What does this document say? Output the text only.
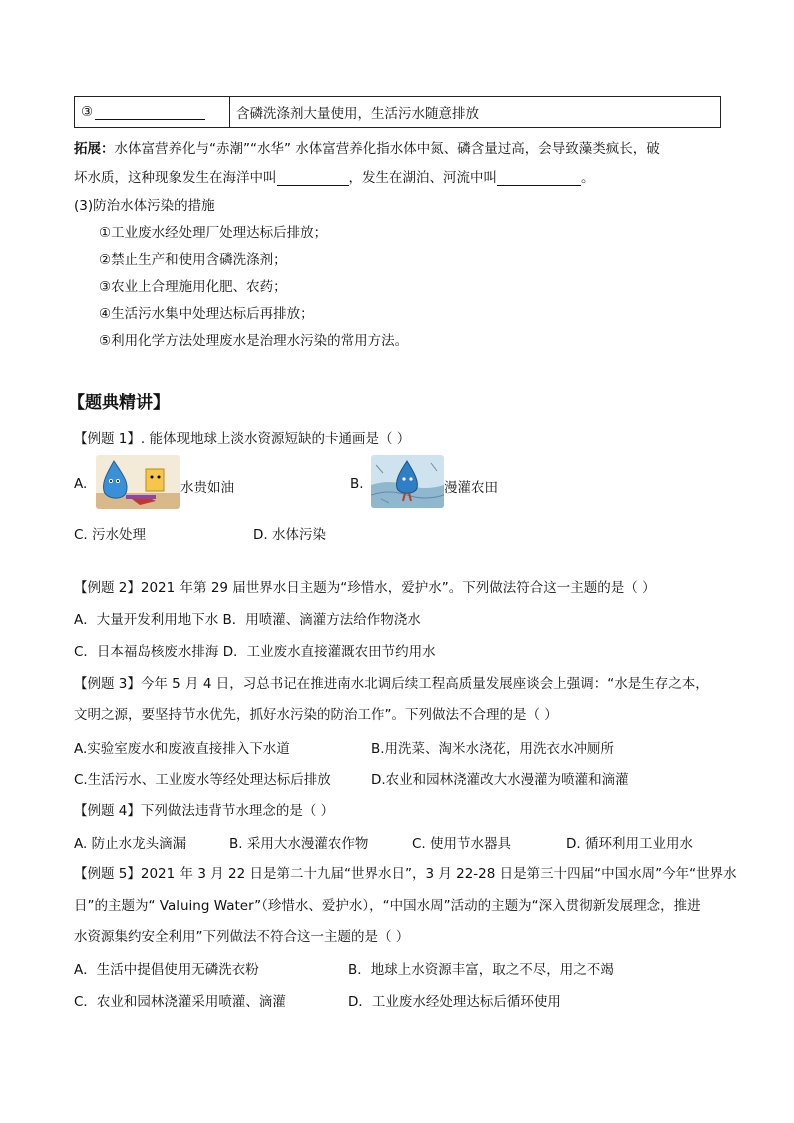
③	含磷洗涤剂大量使用，生活污水随意排放
拓展：水体富营养化与“赤潮”“水华” 水体富营养化指水体中氮、磷含量过高，会导致藻类疯长，破
坏水质，这种现象发生在海洋中叫	，发生在湖泊、河流中叫	。
(3)防治水体污染的措施
①工业废水经处理厂处理达标后排放；
②禁止生产和使用含磷洗涤剂；
③农业上合理施用化肥、农药；
④生活污水集中处理达标后再排放；
⑤利用化学方法处理废水是治理水污染的常用方法。
【题典精讲】
【例题 1】. 能体现地球上淡水资源短缺的卡通画是（ ）
A.	水贵如油	B.	漫灌农田
C. 污水处理	D. 水体污染
【例题 2】2021 年第 29 届世界水日主题为“珍惜水，爱护水”。下列做法符合这一主题的是（ ）
A．大量开发利用地下水 B．用喷灌、滴灌方法给作物浇水
C．日本福岛核废水排海 D．工业废水直接灌溉农田节约用水
【例题 3】今年 5 月 4 日，习总书记在推进南水北调后续工程高质量发展座谈会上强调：“水是生存之本，
文明之源，要坚持节水优先，抓好水污染的防治工作”。下列做法不合理的是（ ）
A.实验室废水和废液直接排入下水道	B.用洗菜、淘米水浇花，用洗衣水冲厕所
C.生活污水、工业废水等经处理达标后排放	D.农业和园林浇灌改大水漫灌为喷灌和滴灌
【例题 4】下列做法违背节水理念的是（ ）
A. 防止水龙头滴漏	B. 采用大水漫灌农作物	C. 使用节水器具	D. 循环利用工业用水
【例题 5】2021 年 3 月 22 日是第二十九届“世界水日”，3 月 22-28 日是第三十四届“中国水周”今年“世界水
日”的主题为“ Valuing Water”（珍惜水、爱护水），“中国水周”活动的主题为“深入贯彻新发展理念，推进
水资源集约安全利用”下列做法不符合这一主题的是（ ）
A．生活中提倡使用无磷洗衣粉	B．地球上水资源丰富，取之不尽，用之不竭
C．农业和园林浇灌采用喷灌、滴灌	D．工业废水经处理达标后循环使用
